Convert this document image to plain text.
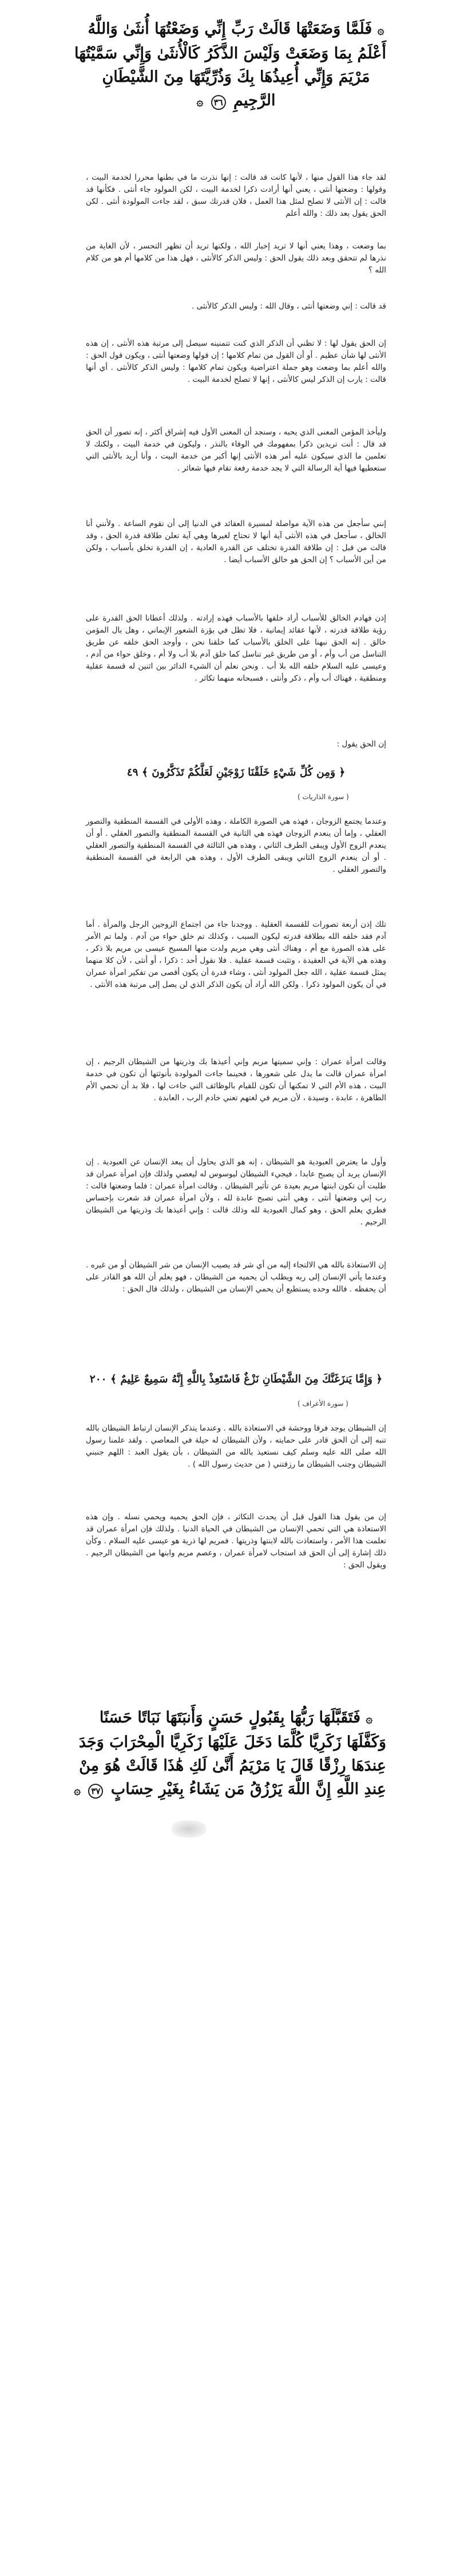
۞ فَلَمَّا وَضَعَتْهَا قَالَتْ رَبِّ إِنِّي وَضَعْتُهَا أُنثَىٰ وَاللَّهُ
أَعْلَمُ بِمَا وَضَعَتْ وَلَيْسَ الذَّكَرُ كَالْأُنثَىٰ وَإِنِّي سَمَّيْتُهَا
مَرْيَمَ وَإِنِّي أُعِيذُهَا بِكَ وَذُرِّيَّتَهَا مِنَ الشَّيْطَانِ
الرَّجِيمِ ٣٦ ۞

لقد جاء هذا القول منها ، لأنها كانت قد قالت : إنها نذرت ما في بطنها محررا لخدمة البيت ، وقولها : وضعتها أنثى ، يعني أنها أرادت ذكرا لخدمة البيت ، لكن المولود جاء أنثى . فكأنها قد قالت : إن الأنثى لا تصلح لمثل هذا العمل ، فلان قدرتك سبق ، لقد جاءت المولودة أنثى . لكن الحق يقول بعد ذلك : والله أعلم

بما وضعت ، وهذا يعني أنها لا تريد إخبار الله ، ولكنها تريد أن تظهر التحسر ، لأن الغاية من نذرها لم تتحقق وبعد ذلك يقول الحق : وليس الذكر كالأنثى ، فهل هذا من كلامها أم هو من كلام الله ؟

قد قالت : إني وضعتها أنثى ، وقال الله : وليس الذكر كالأنثى .

إن الحق يقول لها : لا تظني أن الذكر الذي كنت تتمنينه سيصل إلى مرتبة هذه الأنثى ، إن هذه الأنثى لها شأن عظيم . أو أن القول من تمام كلامها ؛ إن قولها وضعتها أنثى ، ويكون قول الحق : والله أعلم بما وضعت وهو جملة اعتراضية ويكون تمام كلامها : وليس الذكر كالأنثى . أي أنها قالت : يارب إن الذكر ليس كالأنثى ، إنها لا تصلح لخدمة البيت .

وليأخذ المؤمن المعنى الذي يحبه ، وسنجد أن المعنى الأول فيه إشراق أكثر ، إنه تصور أن الحق قد قال : أنت تريدين ذكرا بمفهومك في الوفاء بالنذر ، وليكون في خدمة البيت ، ولكنك لا تعلمين ما الذي سيكون عليه أمر هذه الأنثى إنها أكبر من خدمة البيت ، وأنا أريد بالأنثى التي ستعطيها فيها آية الرسالة التي لا يجد خدمة رفعة تقام فيها شعائر .

إنني سأجعل من هذه الآية مواصلة لمسيرة العقائد في الدنيا إلى أن تقوم الساعة . ولأنني أنا الخالق ، سأجعل في هذه الأنثى آية أنها لا تحتاج لغيرها وهي آية تعلن طلاقة قدرة الحق ، وقد قالت من قبل : إن طلاقة القدرة تختلف عن القدرة العادية ، إن القدرة تخلق بأسباب ، ولكن من أين الأسباب ؟ إن الحق هو خالق الأسباب أيضا .

إذن فهادم الخالق للأسباب أراد خلقها بالأسباب فهذه إرادته . ولذلك أعطانا الحق القدرة على رؤية طلاقة قدرته ، لأنها عقائد إيمانية ، فلا تظل في بؤرة الشعور الإيماني ، وهل بال المؤمن خالق . إنه الحق نبهنا على الخلق بالأسباب كما خلقنا نحن ، وأوجد الحق خلقه عن طريق التناسل من أب وأم ، أو من طريق غير تناسل كما خلق آدم بلا أب ولا أم ، وخلق حواء من آدم ، وعيسى عليه السلام خلقه الله بلا أب . ونحن نعلم أن الشيء الدائر بين اثنين له قسمة عقلية ومنطقية ، فهناك أب وأم ، ذكر وأنثى ، فسبحانه منهما تكاثر .

إن الحق يقول :

﴿ وَمِن كُلِّ شَيْءٍ خَلَقْنَا زَوْجَيْنِ لَعَلَّكُمْ تَذَكَّرُونَ ﴾ ٤٩
( سورة الذاريات )

وعندما يجتمع الزوجان ، فهذه هي الصورة الكاملة ، وهذه الأولى في القسمة المنطقية والتصور العقلي ، وإما أن ينعدم الزوجان فهذه هي الثانية في القسمة المنطقية والتصور العقلي . أو أن ينعدم الزوج الأول ويبقى الطرف الثاني ، وهذه هي الثالثة في القسمة المنطقية والتصور العقلي . أو أن ينعدم الزوج الثاني ويبقى الطرف الأول ، وهذه هي الرابعة في القسمة المنطقية والتصور العقلي .

تلك إذن أربعة تصورات للقسمة العقلية . ووجدنا جاء من اجتماع الزوجين الرجل والمرأة . أما آدم فقد خلقه الله بطلاقة قدرته ليكون السبب ، وكذلك تم خلق حواء من آدم . ولما تم الأمر على هذه الصورة مع أم ، وهناك أنثى وهي مريم ولدت منها المسيح عيسى بن مريم بلا ذكر ، وهذه هي الآية في العقيدة ، وتثبت قسمة عقلية . فلا نقول أحد : ذكرا ، أو أنثى ، لأن كلا منهما يمثل قسمة عقلية ، الله جعل المولود أنثى ، وشاء قدرة أن يكون أقصى من تفكير امرأة عمران في أن يكون المولود ذكرا . ولكن الله أراد أن يكون الذكر الذي لن يصل إلى مرتبة هذه الأنثى .

وقالت امرأة عمران : وإني سميتها مريم وإني أعيذها بك وذريتها من الشيطان الرجيم ، إن امرأة عمران قالت ما يدل على شعورها ، فحينما جاءت المولودة بأنوثتها أن تكون في خدمة البيت ، هذه الأم التي لا تمكنها أن تكون للقيام بالوظائف التي جاءت لها ، فلا بد أن تحمي الأم الطاهرة ، عابدة ، وسيدة ، لأن مريم في لغتهم تعني خادم الرب ، العابدة .

وأول ما يعترض العبودية هو الشيطان ، إنه هو الذي يحاول أن يبعد الإنسان عن العبودية . إن الإنسان يريد أن يصبح عابدا ، فيجيء الشيطان ليوسوس له ليعصي ولذلك فإن امرأة عمران قد طلبت أن تكون ابنتها مريم بعيدة عن تأثير الشيطان . وقالت امرأة عمران : فلما وضعتها قالت : رب إني وضعتها أنثى ، وهي أنثى تصبح عابدة لله ، ولأن امرأة عمران قد شعرت بإحساس فطري يعلم الحق ، وهو كمال العبودية لله وذلك قالت : وإني أعيذها بك وذريتها من الشيطان الرجيم .

إن الاستعاذة بالله هي الالتجاء إليه من أي شر قد يصيب الإنسان من شر الشيطان أو من غيره . وعندما يأتي الإنسان إلى ربه ويطلب أن يحميه من الشيطان ، فهو يعلم أن الله هو القادر على أن يحفظه . فالله وحده يستطيع أن يحمي الإنسان من الشيطان ، ولذلك قال الحق :

﴿ وَإِمَّا يَنزَغَنَّكَ مِنَ الشَّيْطَانِ نَزْغٌ فَاسْتَعِذْ بِاللَّهِ إِنَّهُ سَمِيعٌ عَلِيمٌ ﴾ ٢٠٠
( سورة الأعراف )

إن الشيطان يوجد فرقا ووحشة في الاستعاذة بالله . وعندما يتذكر الإنسان ارتباط الشيطان بالله تنبه إلى أن الحق قادر على حمايته ، ولأن الشيطان له حيلة في المعاصي . ولقد علمنا رسول الله صلى الله عليه وسلم كيف نستعيذ بالله من الشيطان ، بأن يقول العبد : اللهم جنبني الشيطان وجنب الشيطان ما رزقتني ( من حديث رسول الله ) .

إن من يقول هذا القول قبل أن يحدث التكاثر ، فإن الحق يحميه ويحمي نسله . وإن هذه الاستعاذة هي التي تحمي الإنسان من الشيطان في الحياة الدنيا . ولذلك فإن امرأة عمران قد تعلمت هذا الأمر ، واستعاذت بالله لابنتها وذريتها . فمريم لها ذرية هو عيسى عليه السلام . وكأن ذلك إشارة إلى أن الحق قد استجاب لامرأة عمران ، وعصم مريم وابنها من الشيطان الرجيم . ويقول الحق :

۞ فَتَقَبَّلَهَا رَبُّهَا بِقَبُولٍ حَسَنٍ وَأَنبَتَهَا نَبَاتًا حَسَنًا
وَكَفَّلَهَا زَكَرِيَّا كُلَّمَا دَخَلَ عَلَيْهَا زَكَرِيَّا الْمِحْرَابَ وَجَدَ
عِندَهَا رِزْقًا قَالَ يَا مَرْيَمُ أَنَّىٰ لَكِ هَٰذَا قَالَتْ هُوَ مِنْ
عِندِ اللَّهِ إِنَّ اللَّهَ يَرْزُقُ مَن يَشَاءُ بِغَيْرِ حِسَابٍ ٣٧ ۞
